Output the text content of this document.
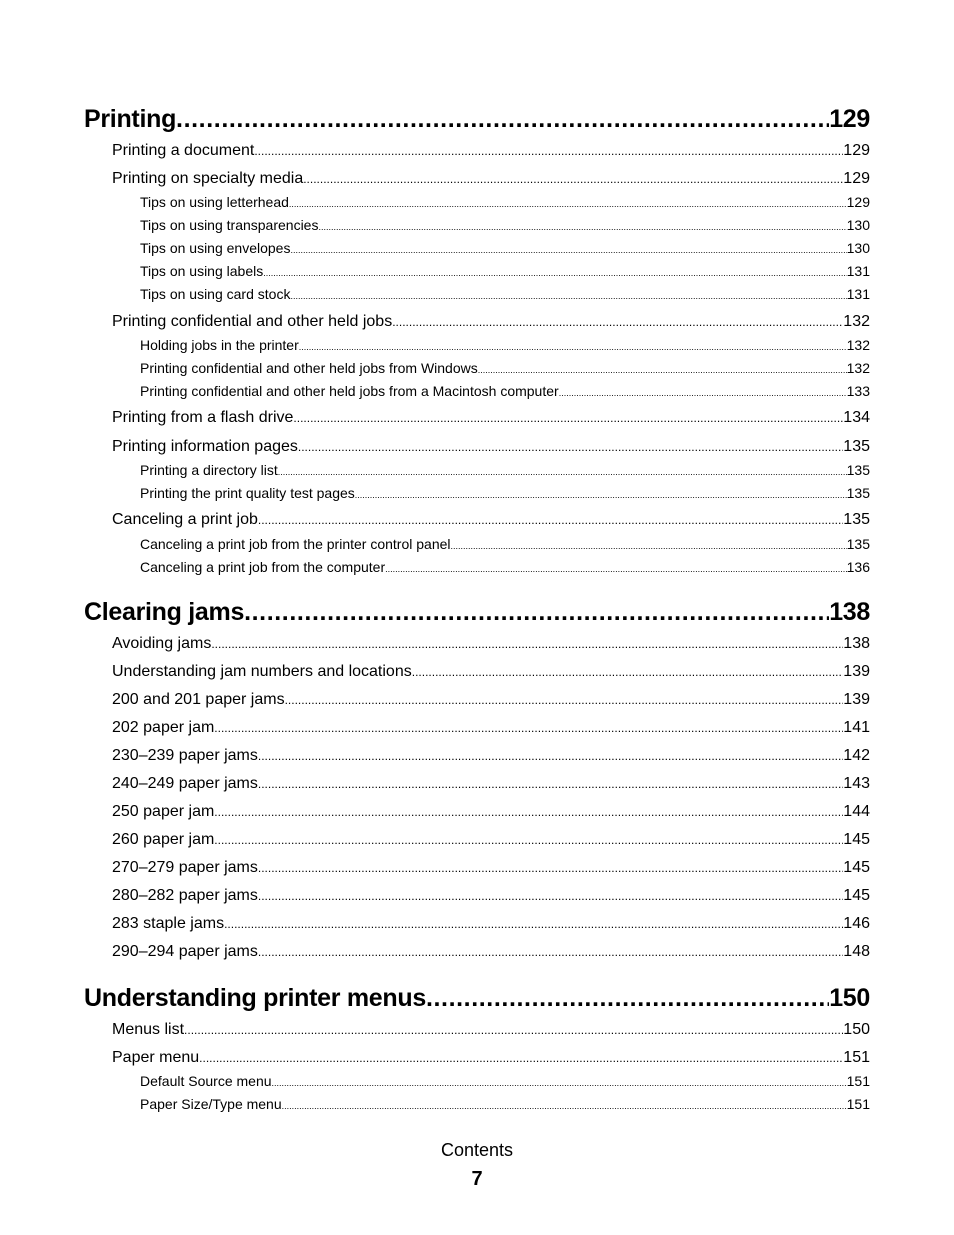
Printing .....	129
Printing a document .....	129
Printing on specialty media .....	129
Tips on using letterhead .....	129
Tips on using transparencies .....	130
Tips on using envelopes .....	130
Tips on using labels .....	131
Tips on using card stock .....	131
Printing confidential and other held jobs .....	132
Holding jobs in the printer .....	132
Printing confidential and other held jobs from Windows .....	132
Printing confidential and other held jobs from a Macintosh computer .....	133
Printing from a flash drive .....	134
Printing information pages .....	135
Printing a directory list .....	135
Printing the print quality test pages .....	135
Canceling a print job .....	135
Canceling a print job from the printer control panel .....	135
Canceling a print job from the computer .....	136
Clearing jams .....	138
Avoiding jams .....	138
Understanding jam numbers and locations .....	139
200 and 201 paper jams .....	139
202 paper jam .....	141
230–239 paper jams .....	142
240–249 paper jams .....	143
250 paper jam .....	144
260 paper jam .....	145
270–279 paper jams .....	145
280–282 paper jams .....	145
283 staple jams .....	146
290–294 paper jams .....	148
Understanding printer menus .....	150
Menus list .....	150
Paper menu .....	151
Default Source menu .....	151
Paper Size/Type menu .....	151
Contents
7
